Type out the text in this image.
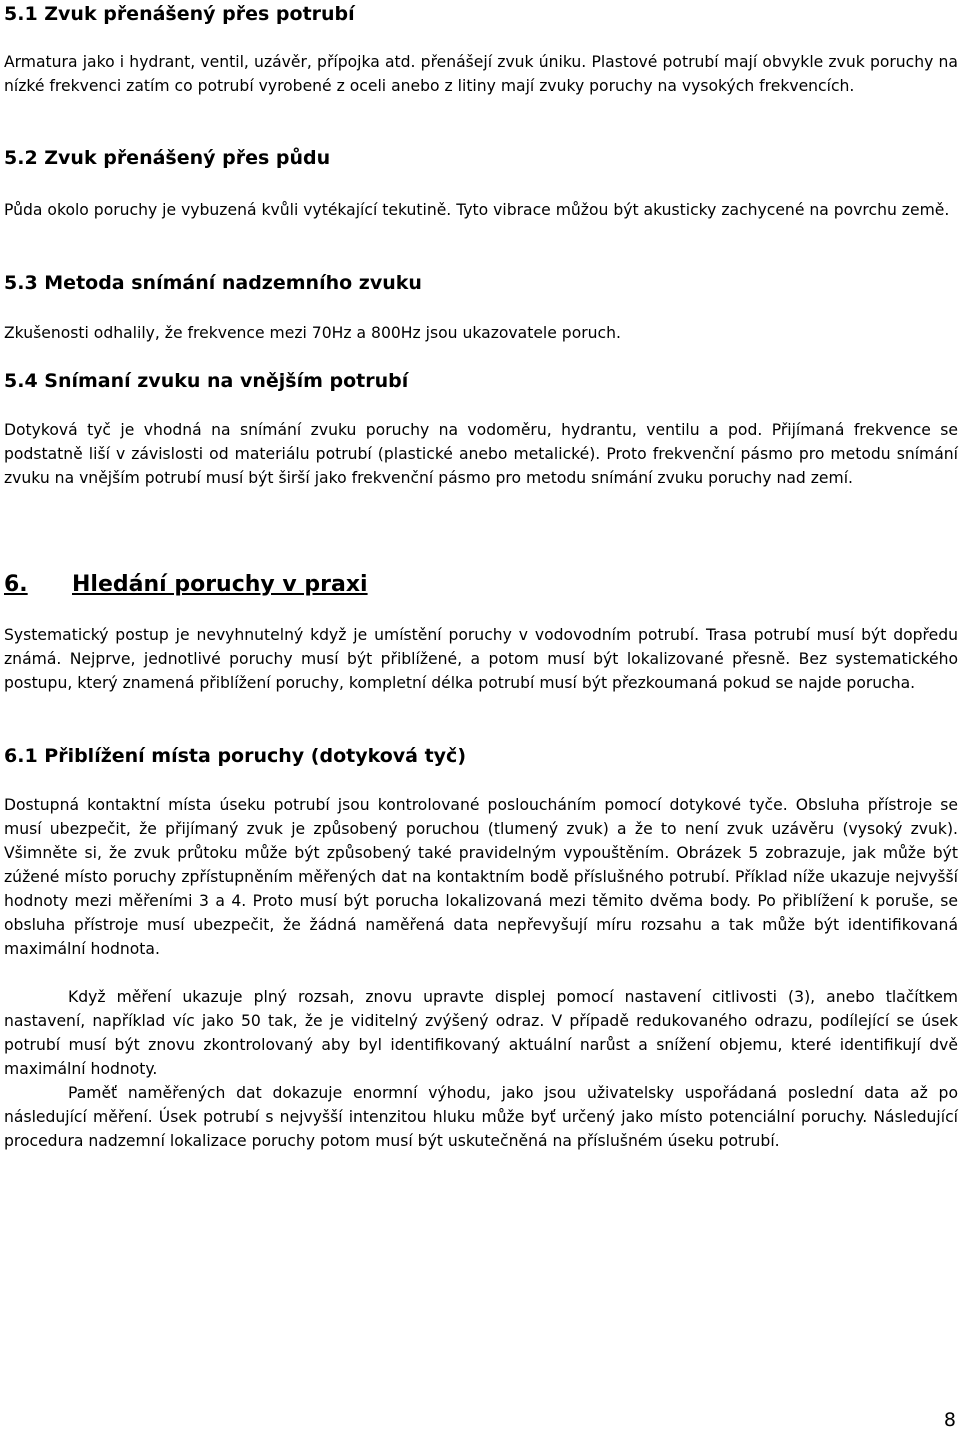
5.1 Zvuk přenášený přes potrubí

Armatura jako i hydrant, ventil, uzávěr, přípojka atd. přenášejí zvuk úniku. Plastové potrubí mají obvykle zvuk poruchy na nízké frekvenci zatím co potrubí vyrobené z oceli anebo z litiny mají zvuky poruchy na vysokých frekvencích.

5.2 Zvuk přenášený přes půdu

Půda okolo poruchy je vybuzená kvůli vytékající tekutině. Tyto vibrace můžou být akusticky zachycené na povrchu země.

5.3 Metoda snímání nadzemního zvuku

Zkušenosti odhalily, že frekvence mezi 70Hz a 800Hz jsou ukazovatele poruch.

5.4 Snímaní zvuku na vnějším potrubí

Dotyková tyč je vhodná na snímání zvuku poruchy na vodoměru, hydrantu, ventilu a pod. Přijímaná frekvence se podstatně liší v závislosti od materiálu potrubí (plastické anebo metalické). Proto frekvenční pásmo pro metodu snímání zvuku na vnějším potrubí musí být širší jako frekvenční pásmo pro metodu snímání zvuku poruchy nad zemí.

6. Hledání poruchy v praxi

Systematický postup je nevyhnutelný když je umístění poruchy v vodovodním potrubí. Trasa potrubí musí být dopředu známá. Nejprve, jednotlivé poruchy musí být přiblížené, a potom musí být lokalizované přesně. Bez systematického postupu, který znamená přiblížení poruchy, kompletní délka potrubí musí být přezkoumaná pokud se najde porucha.

6.1 Přiblížení místa poruchy (dotyková tyč)

Dostupná kontaktní místa úseku potrubí jsou kontrolované posloucháním pomocí dotykové tyče. Obsluha přístroje se musí ubezpečit, že přijímaný zvuk je způsobený poruchou (tlumený zvuk) a že to není zvuk uzávěru (vysoký zvuk). Všimněte si, že zvuk průtoku může být způsobený také pravidelným vypouštěním. Obrázek 5 zobrazuje, jak může být zúžené místo poruchy zpřístupněním měřených dat na kontaktním bodě příslušného potrubí. Příklad níže ukazuje nejvyšší hodnoty mezi měřeními 3 a 4. Proto musí být porucha lokalizovaná mezi těmito dvěma body. Po přiblížení k poruše, se obsluha přístroje musí ubezpečit, že žádná naměřená data nepřevyšují míru rozsahu a tak může být identifikovaná maximální hodnota.

Když měření ukazuje plný rozsah, znovu upravte displej pomocí nastavení citlivosti (3), anebo tlačítkem nastavení, například víc jako 50 tak, že je viditelný zvýšený odraz. V případě redukovaného odrazu, podílející se úsek potrubí musí být znovu zkontrolovaný aby byl identifikovaný aktuální narůst a snížení objemu, které identifikují dvě maximální hodnoty.

Paměť naměřených dat dokazuje enormní výhodu, jako jsou uživatelsky uspořádaná poslední data až po následující měření. Úsek potrubí s nejvyšší intenzitou hluku může byť určený jako místo potenciální poruchy. Následující procedura nadzemní lokalizace poruchy potom musí být uskutečněná na příslušném úseku potrubí.

8
